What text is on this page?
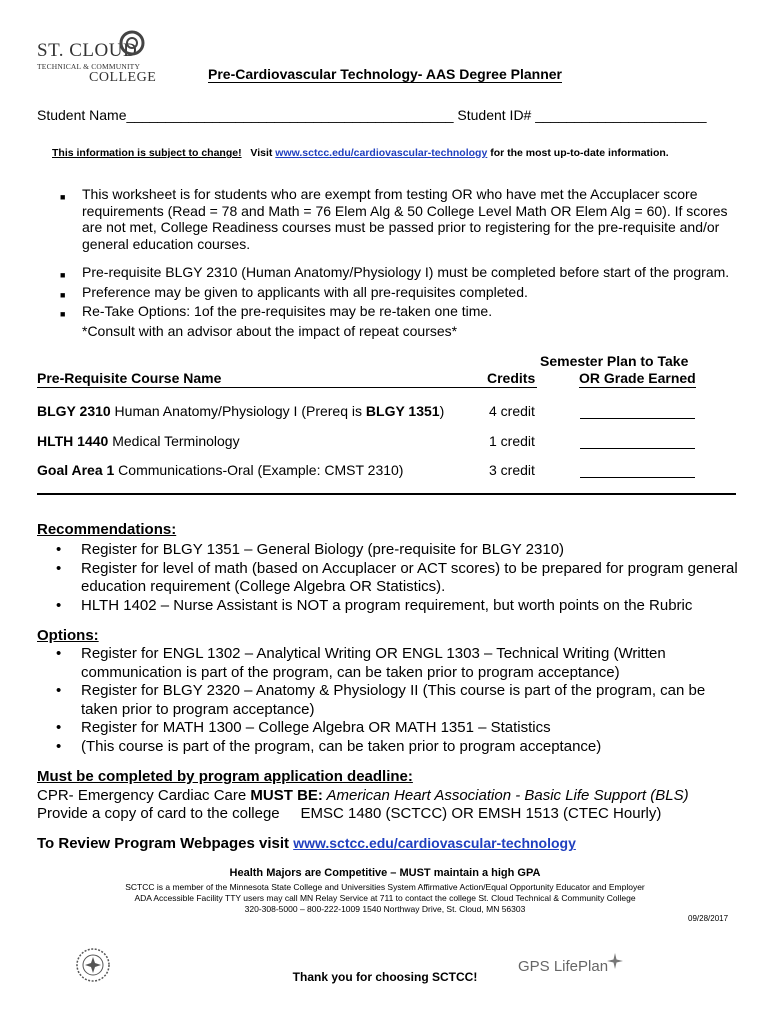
ST. CLOUD
TECHNICAL & COMMUNITY
COLLEGE	Pre-Cardiovascular Technology- AAS Degree Planner
Student Name__________________________________________ Student ID# ______________________
This information is subject to change! Visit www.sctcc.edu/cardiovascular-technology for the most up-to-date information.
■	This worksheet is for students who are exempt from testing OR who have met the Accuplacer score requirements (Read = 78 and Math = 76 Elem Alg & 50 College Level Math OR Elem Alg = 60). If scores are not met, College Readiness courses must be passed prior to registering for the pre-requisite and/or general education courses.
■	Pre-requisite BLGY 2310 (Human Anatomy/Physiology I) must be completed before start of the program.
■	Preference may be given to applicants with all pre-requisites completed.
■	Re-Take Options: 1of the pre-requisites may be re-taken one time.
*Consult with an advisor about the impact of repeat courses*
Semester Plan to Take
Pre-Requisite Course Name	Credits	OR Grade Earned
BLGY 2310 Human Anatomy/Physiology I (Prereq is BLGY 1351)	4 credit
HLTH 1440 Medical Terminology	1 credit
Goal Area 1 Communications-Oral (Example: CMST 2310)	3 credit
Recommendations:
•	Register for BLGY 1351 – General Biology (pre-requisite for BLGY 2310)
•	Register for level of math (based on Accuplacer or ACT scores) to be prepared for program general education requirement (College Algebra OR Statistics).
•	HLTH 1402 – Nurse Assistant is NOT a program requirement, but worth points on the Rubric
Options:
•	Register for ENGL 1302 – Analytical Writing OR ENGL 1303 – Technical Writing (Written communication is part of the program, can be taken prior to program acceptance)
•	Register for BLGY 2320 – Anatomy & Physiology II (This course is part of the program, can be taken prior to program acceptance)
•	Register for MATH 1300 – College Algebra OR MATH 1351 – Statistics
•	(This course is part of the program, can be taken prior to program acceptance)
Must be completed by program application deadline:
CPR- Emergency Cardiac Care MUST BE: American Heart Association - Basic Life Support (BLS)
Provide a copy of card to the college     EMSC 1480 (SCTCC) OR EMSH 1513 (CTEC Hourly)
To Review Program Webpages visit www.sctcc.edu/cardiovascular-technology
Health Majors are Competitive – MUST maintain a high GPA
SCTCC is a member of the Minnesota State College and Universities System Affirmative Action/Equal Opportunity Educator and Employer
ADA Accessible Facility TTY users may call MN Relay Service at 711 to contact the college St. Cloud Technical & Community College
320-308-5000 – 800-222-1009 1540 Northway Drive, St. Cloud, MN 56303
09/28/2017
Thank you for choosing SCTCC!
GPS LifePlan
